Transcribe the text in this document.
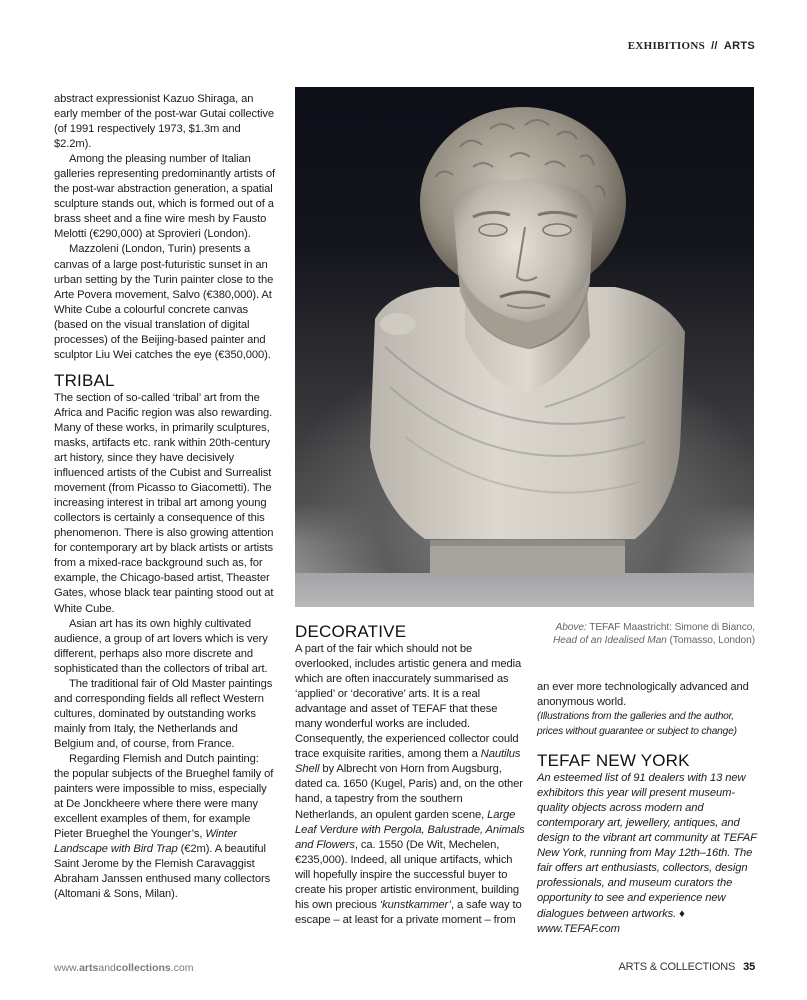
EXHIBITIONS // ARTS

abstract expressionist Kazuo Shiraga, an early member of the post-war Gutai collective (of 1991 respectively 1973, $1.3m and $2.2m).

Among the pleasing number of Italian galleries representing predominantly artists of the post-war abstraction generation, a spatial sculpture stands out, which is formed out of a brass sheet and a fine wire mesh by Fausto Melotti (€290,000) at Sprovieri (London).

Mazzoleni (London, Turin) presents a canvas of a large post-futuristic sunset in an urban setting by the Turin painter close to the Arte Povera movement, Salvo (€380,000). At White Cube a colourful concrete canvas (based on the visual translation of digital processes) of the Beijing-based painter and sculptor Liu Wei catches the eye (€350,000).

TRIBAL

The section of so-called ‘tribal’ art from the Africa and Pacific region was also rewarding. Many of these works, in primarily sculptures, masks, artifacts etc. rank within 20th-century art history, since they have decisively influenced artists of the Cubist and Surrealist movement (from Picasso to Giacometti). The increasing interest in tribal art among young collectors is certainly a consequence of this phenomenon. There is also growing attention for contemporary art by black artists or artists from a mixed-race background such as, for example, the Chicago-based artist, Theaster Gates, whose black tear painting stood out at White Cube.

Asian art has its own highly cultivated audience, a group of art lovers which is very different, perhaps also more discrete and sophisticated than the collectors of tribal art.

The traditional fair of Old Master paintings and corresponding fields all reflect Western cultures, dominated by outstanding works mainly from Italy, the Netherlands and Belgium and, of course, from France.

Regarding Flemish and Dutch painting: the popular subjects of the Brueghel family of painters were impossible to miss, especially at De Jonckheere where there were many excellent examples of them, for example Pieter Brueghel the Younger’s, Winter Landscape with Bird Trap (€2m). A beautiful Saint Jerome by the Flemish Caravaggist Abraham Janssen enthused many collectors (Altomani & Sons, Milan).

Above: TEFAF Maastricht: Simone di Bianco, Head of an Idealised Man (Tomasso, London)
DECORATIVE

A part of the fair which should not be overlooked, includes artistic genera and media which are often inaccurately summarised as ‘applied’ or ‘decorative’ arts. It is a real advantage and asset of TEFAF that these many wonderful works are included. Consequently, the experienced collector could trace exquisite rarities, among them a Nautilus Shell by Albrecht von Horn from Augsburg, dated ca. 1650 (Kugel, Paris) and, on the other hand, a tapestry from the southern Netherlands, an opulent garden scene, Large Leaf Verdure with Pergola, Balustrade, Animals and Flowers, ca. 1550 (De Wit, Mechelen, €235,000). Indeed, all unique artifacts, which will hopefully inspire the successful buyer to create his proper artistic environment, building his own precious ‘kunstkammer’, a safe way to escape – at least for a private moment – from

an ever more technologically advanced and anonymous world.

(Illustrations from the galleries and the author, prices without guarantee or subject to change)

TEFAF NEW YORK

An esteemed list of 91 dealers with 13 new exhibitors this year will present museum-quality objects across modern and contemporary art, jewellery, antiques, and design to the vibrant art community at TEFAF New York, running from May 12th–16th. The fair offers art enthusiasts, collectors, design professionals, and museum curators the opportunity to see and experience new dialogues between artworks. ♦

www.TEFAF.com

www.artsandcollections.com	ARTS & COLLECTIONS 35
